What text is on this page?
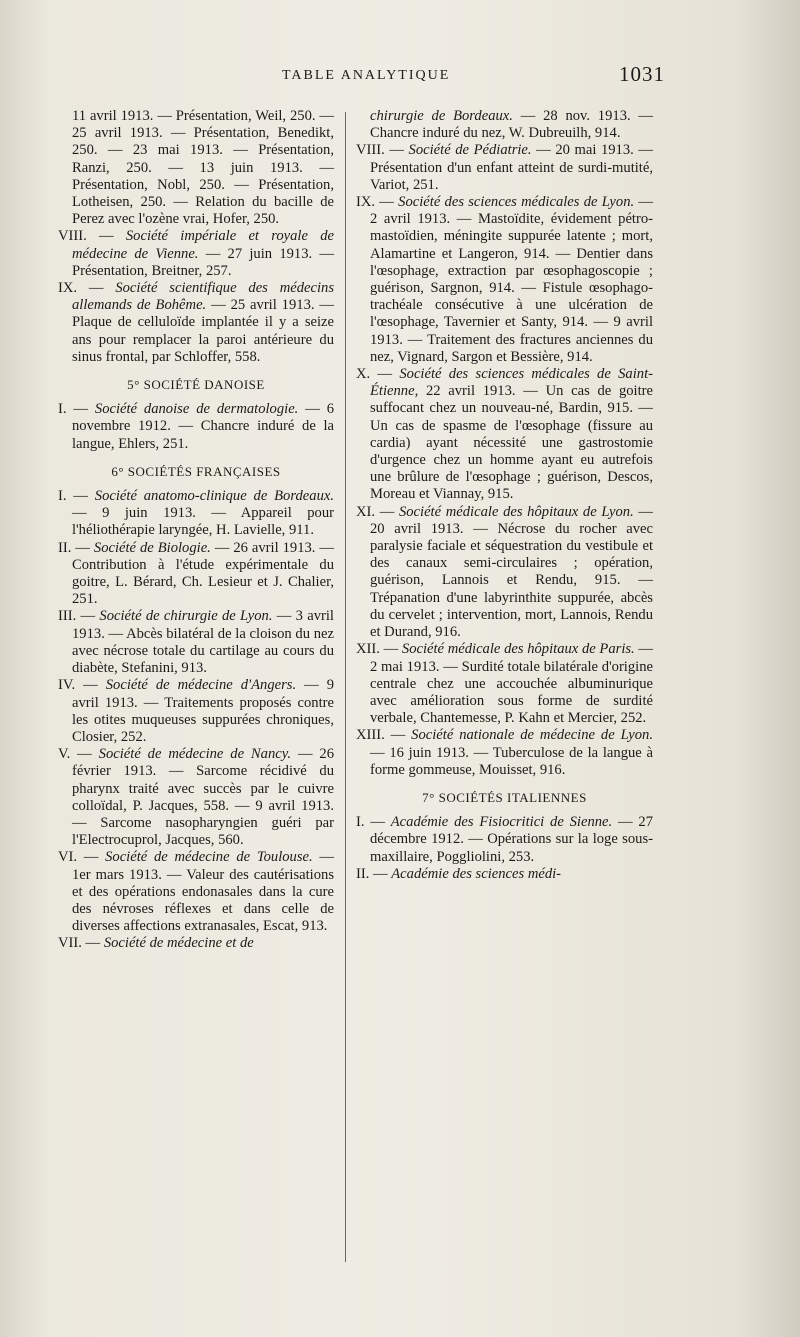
TABLE ANALYTIQUE	1031

11 avril 1913. — Présentation, Weil, 250. — 25 avril 1913. — Présentation, Benedikt, 250. — 23 mai 1913. — Présentation, Ranzi, 250. — 13 juin 1913. — Présentation, Nobl, 250. — Présentation, Lotheisen, 250. — Relation du bacille de Perez avec l'ozène vrai, Hofer, 250.

VIII. — Société impériale et royale de médecine de Vienne. — 27 juin 1913. — Présentation, Breitner, 257.

IX. — Société scientifique des médecins allemands de Bohême. — 25 avril 1913. — Plaque de celluloïde implantée il y a seize ans pour remplacer la paroi antérieure du sinus frontal, par Schloffer, 558.

5° SOCIÉTÉ DANOISE

I. — Société danoise de dermatologie. — 6 novembre 1912. — Chancre induré de la langue, Ehlers, 251.

6° SOCIÉTÉS FRANÇAISES

I. — Société anatomo-clinique de Bordeaux. — 9 juin 1913. — Appareil pour l'héliothérapie laryngée, H. Lavielle, 911.

II. — Société de Biologie. — 26 avril 1913. — Contribution à l'étude expérimentale du goitre, L. Bérard, Ch. Lesieur et J. Chalier, 251.

III. — Société de chirurgie de Lyon. — 3 avril 1913. — Abcès bilatéral de la cloison du nez avec nécrose totale du cartilage au cours du diabète, Stefanini, 913.

IV. — Société de médecine d'Angers. — 9 avril 1913. — Traitements proposés contre les otites muqueuses suppurées chroniques, Closier, 252.

V. — Société de médecine de Nancy. — 26 février 1913. — Sarcome récidivé du pharynx traité avec succès par le cuivre colloïdal, P. Jacques, 558. — 9 avril 1913. — Sarcome nasopharyngien guéri par l'Electrocuprol, Jacques, 560.

VI. — Société de médecine de Toulouse. — 1er mars 1913. — Valeur des cautérisations et des opérations endonasales dans la cure des névroses réflexes et dans celle de diverses affections extranasales, Escat, 913.

VII. — Société de médecine et de

chirurgie de Bordeaux. — 28 nov. 1913. — Chancre induré du nez, W. Dubreuilh, 914.

VIII. — Société de Pédiatrie. — 20 mai 1913. — Présentation d'un enfant atteint de surdi-mutité, Variot, 251.

IX. — Société des sciences médicales de Lyon. — 2 avril 1913. — Mastoïdite, évidement pétro-mastoïdien, méningite suppurée latente ; mort, Alamartine et Langeron, 914. — Dentier dans l'œsophage, extraction par œsophagoscopie ; guérison, Sargnon, 914. — Fistule œsophago-trachéale consécutive à une ulcération de l'œsophage, Tavernier et Santy, 914. — 9 avril 1913. — Traitement des fractures anciennes du nez, Vignard, Sargon et Bessière, 914.

X. — Société des sciences médicales de Saint-Étienne, 22 avril 1913. — Un cas de goitre suffocant chez un nouveau-né, Bardin, 915. — Un cas de spasme de l'œsophage (fissure au cardia) ayant nécessité une gastrostomie d'urgence chez un homme ayant eu autrefois une brûlure de l'œsophage ; guérison, Descos, Moreau et Viannay, 915.

XI. — Société médicale des hôpitaux de Lyon. — 20 avril 1913. — Nécrose du rocher avec paralysie faciale et séquestration du vestibule et des canaux semi-circulaires ; opération, guérison, Lannois et Rendu, 915. — Trépanation d'une labyrinthite suppurée, abcès du cervelet ; intervention, mort, Lannois, Rendu et Durand, 916.

XII. — Société médicale des hôpitaux de Paris. — 2 mai 1913. — Surdité totale bilatérale d'origine centrale chez une accouchée albuminurique avec amélioration sous forme de surdité verbale, Chantemesse, P. Kahn et Mercier, 252.

XIII. — Société nationale de médecine de Lyon. — 16 juin 1913. — Tuberculose de la langue à forme gommeuse, Mouisset, 916.

7° SOCIÉTÉS ITALIENNES

I. — Académie des Fisiocritici de Sienne. — 27 décembre 1912. — Opérations sur la loge sous-maxillaire, Poggliolini, 253.

II. — Académie des sciences médi-
